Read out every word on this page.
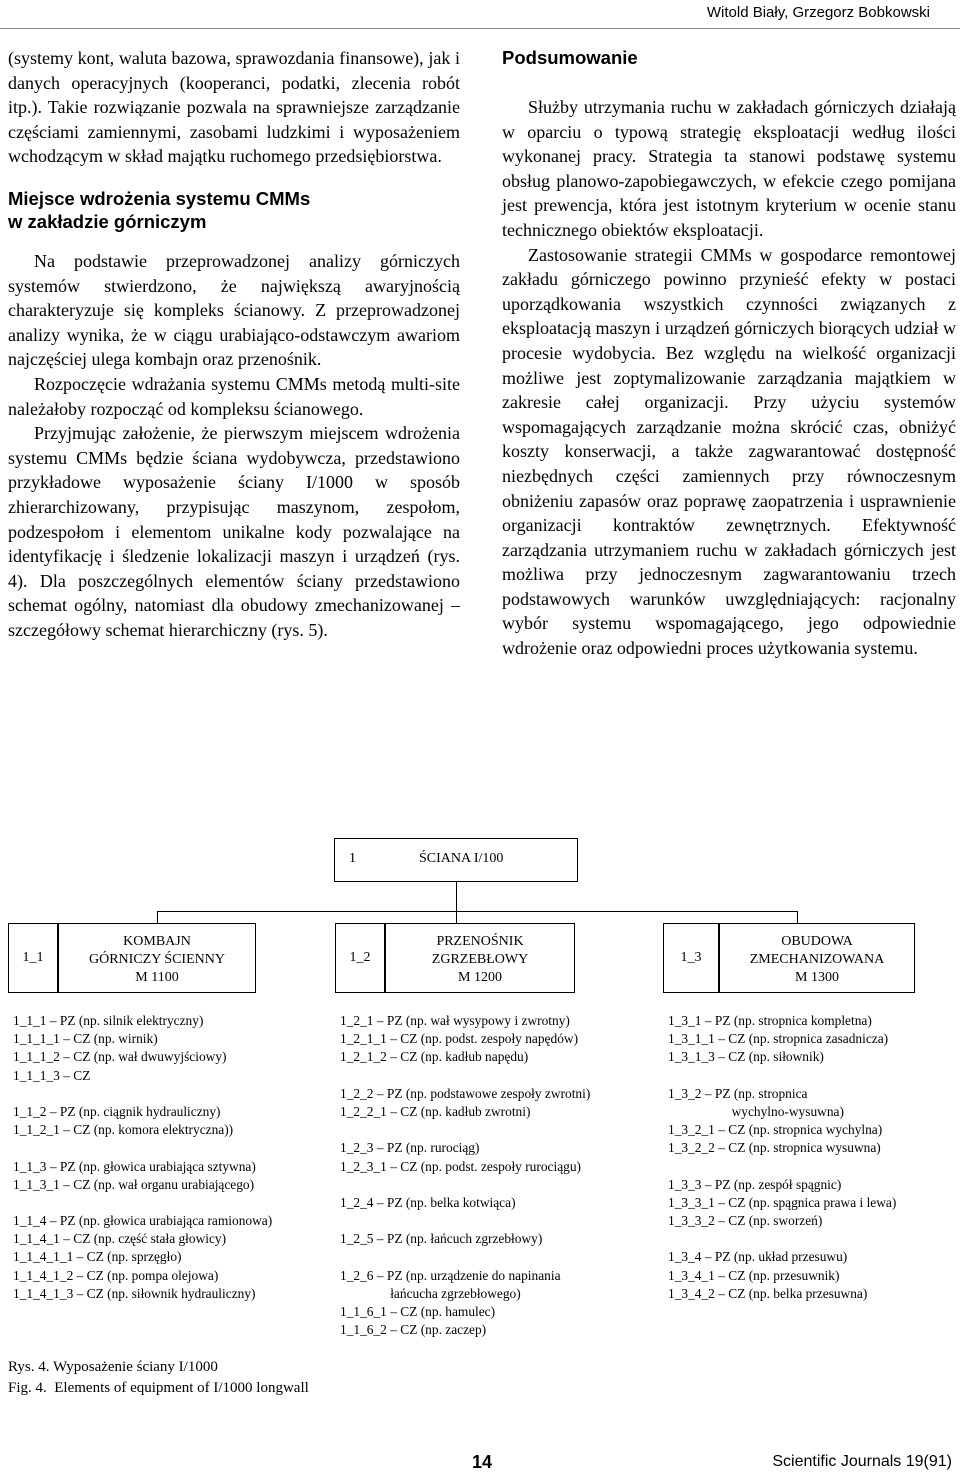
Witold Biały, Grzegorz Bobkowski

(systemy kont, waluta bazowa, sprawozdania finansowe), jak i danych operacyjnych (kooperanci, podatki, zlecenia robót itp.). Takie rozwiązanie pozwala na sprawniejsze zarządzanie częściami zamiennymi, zasobami ludzkimi i wyposażeniem wchodzącym w skład majątku ruchomego przedsiębiorstwa.

Miejsce wdrożenia systemu CMMs
w zakładzie górniczym

Na podstawie przeprowadzonej analizy górniczych systemów stwierdzono, że największą awaryjnością charakteryzuje się kompleks ścianowy. Z przeprowadzonej analizy wynika, że w ciągu urabiająco-odstawczym awariom najczęściej ulega kombajn oraz przenośnik.

Rozpoczęcie wdrażania systemu CMMs metodą multi-site należałoby rozpocząć od kompleksu ścianowego.

Przyjmując założenie, że pierwszym miejscem wdrożenia systemu CMMs będzie ściana wydobywcza, przedstawiono przykładowe wyposażenie ściany I/1000 w sposób zhierarchizowany, przypisując maszynom, zespołom, podzespołom i elementom unikalne kody pozwalające na identyfikację i śledzenie lokalizacji maszyn i urządzeń (rys. 4). Dla poszczególnych elementów ściany przedstawiono schemat ogólny, natomiast dla obudowy zmechanizowanej – szczegółowy schemat hierarchiczny (rys. 5).

Podsumowanie

Służby utrzymania ruchu w zakładach górniczych działają w oparciu o typową strategię eksploatacji według ilości wykonanej pracy. Strategia ta stanowi podstawę systemu obsług planowo-zapobiegawczych, w efekcie czego pomijana jest prewencja, która jest istotnym kryterium w ocenie stanu technicznego obiektów eksploatacji.

Zastosowanie strategii CMMs w gospodarce remontowej zakładu górniczego powinno przynieść efekty w postaci uporządkowania wszystkich czynności związanych z eksploatacją maszyn i urządzeń górniczych biorących udział w procesie wydobycia. Bez względu na wielkość organizacji możliwe jest zoptymalizowanie zarządzania majątkiem w zakresie całej organizacji. Przy użyciu systemów wspomagających zarządzanie można skrócić czas, obniżyć koszty konserwacji, a także zagwarantować dostępność niezbędnych części zamiennych przy równoczesnym obniżeniu zapasów oraz poprawę zaopatrzenia i usprawnienie organizacji kontraktów zewnętrznych. Efektywność zarządzania utrzymaniem ruchu w zakładach górniczych jest możliwa przy jednoczesnym zagwarantowaniu trzech podstawowych warunków uwzględniających: racjonalny wybór systemu wspomagającego, jego odpowiednie wdrożenie oraz odpowiedni proces użytkowania systemu.

1	ŚCIANA I/100
1_1
KOMBAJN
GÓRNICZY ŚCIENNY
M 1100
1_2
PRZENOŚNIK
ZGRZEBŁOWY
M 1200
1_3
OBUDOWA
ZMECHANIZOWANA
M 1300
1_1_1 – PZ (np. silnik elektryczny)
1_1_1_1 – CZ (np. wirnik)
1_1_1_2 – CZ (np. wał dwuwyjściowy)
1_1_1_3 – CZ
1_1_2 – PZ (np. ciągnik hydrauliczny)
1_1_2_1 – CZ (np. komora elektryczna))
1_1_3 – PZ (np. głowica urabiająca sztywna)
1_1_3_1 – CZ (np. wał organu urabiającego)
1_1_4 – PZ (np. głowica urabiająca ramionowa)
1_1_4_1 – CZ (np. część stała głowicy)
1_1_4_1_1 – CZ (np. sprzęgło)
1_1_4_1_2 – CZ (np. pompa olejowa)
1_1_4_1_3 – CZ (np. siłownik hydrauliczny)
1_2_1 – PZ (np. wał wysypowy i zwrotny)
1_2_1_1 – CZ (np. podst. zespoły napędów)
1_2_1_2 – CZ (np. kadłub napędu)
1_2_2 – PZ (np. podstawowe zespoły zwrotni)
1_2_2_1 – CZ (np. kadłub zwrotni)
1_2_3 – PZ (np. rurociąg)
1_2_3_1 – CZ (np. podst. zespoły rurociągu)
1_2_4 – PZ (np. belka kotwiąca)
1_2_5 – PZ (np. łańcuch zgrzebłowy)
1_2_6 – PZ (np. urządzenie do napinania
łańcucha zgrzebłowego)
1_1_6_1 – CZ (np. hamulec)
1_1_6_2 – CZ (np. zaczep)
1_3_1 – PZ (np. stropnica kompletna)
1_3_1_1 – CZ (np. stropnica zasadnicza)
1_3_1_3 – CZ (np. siłownik)
1_3_2 – PZ (np. stropnica
wychylno-wysuwna)
1_3_2_1 – CZ (np. stropnica wychylna)
1_3_2_2 – CZ (np. stropnica wysuwna)
1_3_3 – PZ (np. zespół spągnic)
1_3_3_1 – CZ (np. spągnica prawa i lewa)
1_3_3_2 – CZ (np. sworzeń)
1_3_4 – PZ (np. układ przesuwu)
1_3_4_1 – CZ (np. przesuwnik)
1_3_4_2 – CZ (np. belka przesuwna)
Rys. 4. Wyposażenie ściany I/1000
Fig. 4.  Elements of equipment of I/1000 longwall
14	Scientific Journals 19(91)
